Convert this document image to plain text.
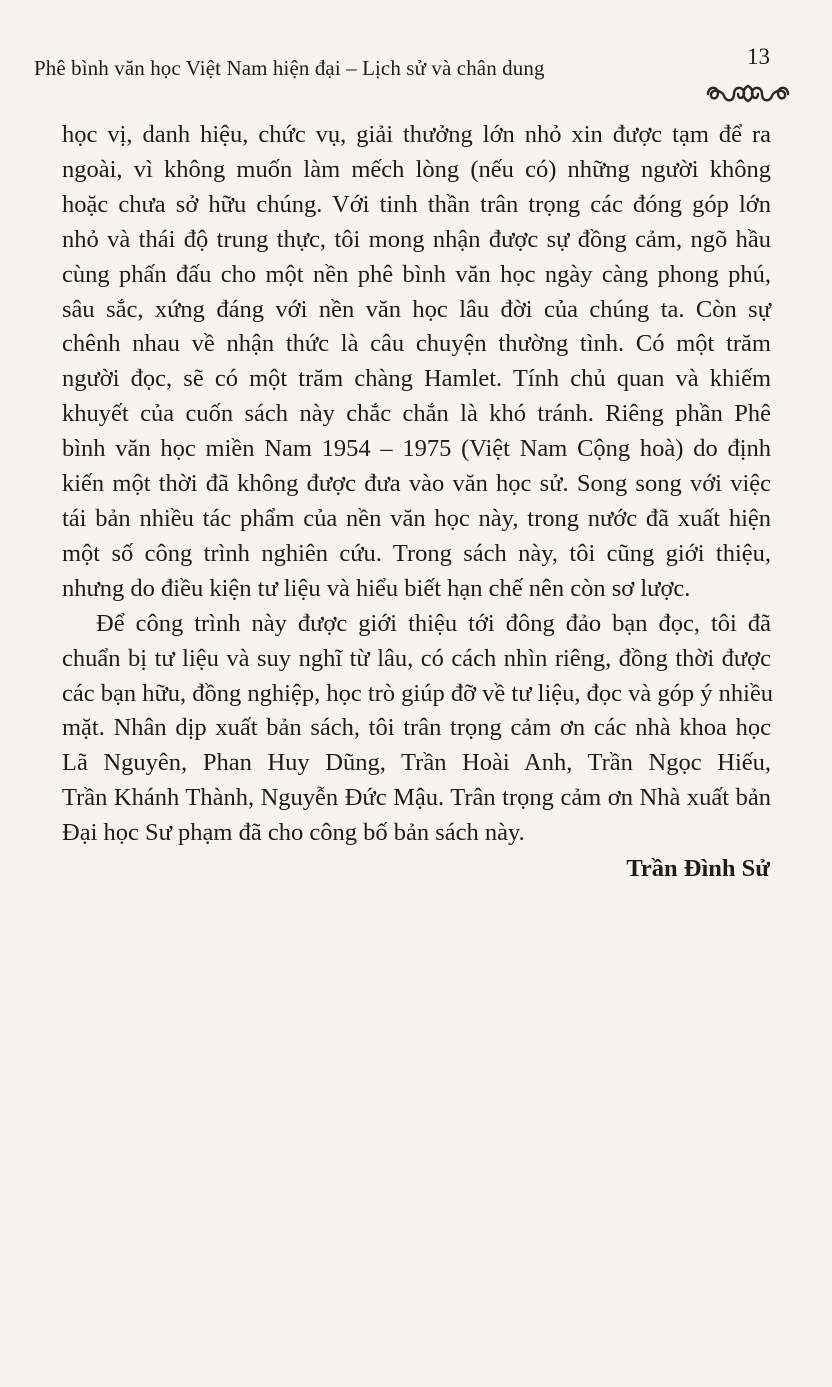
Phê bình văn học Việt Nam hiện đại – Lịch sử và chân dung	13
học vị, danh hiệu, chức vụ, giải thưởng lớn nhỏ xin được tạm để ra
ngoài, vì không muốn làm mếch lòng (nếu có) những người không
hoặc chưa sở hữu chúng. Với tinh thần trân trọng các đóng góp lớn
nhỏ và thái độ trung thực, tôi mong nhận được sự đồng cảm, ngõ hầu
cùng phấn đấu cho một nền phê bình văn học ngày càng phong phú,
sâu sắc, xứng đáng với nền văn học lâu đời của chúng ta. Còn sự
chênh nhau về nhận thức là câu chuyện thường tình. Có một trăm
người đọc, sẽ có một trăm chàng Hamlet. Tính chủ quan và khiếm
khuyết của cuốn sách này chắc chắn là khó tránh. Riêng phần Phê
bình văn học miền Nam 1954 – 1975 (Việt Nam Cộng hoà) do định
kiến một thời đã không được đưa vào văn học sử. Song song với việc
tái bản nhiều tác phẩm của nền văn học này, trong nước đã xuất hiện
một số công trình nghiên cứu. Trong sách này, tôi cũng giới thiệu,
nhưng do điều kiện tư liệu và hiểu biết hạn chế nên còn sơ lược.
Để công trình này được giới thiệu tới đông đảo bạn đọc, tôi đã
chuẩn bị tư liệu và suy nghĩ từ lâu, có cách nhìn riêng, đồng thời được
các bạn hữu, đồng nghiệp, học trò giúp đỡ về tư liệu, đọc và góp ý nhiều
mặt. Nhân dịp xuất bản sách, tôi trân trọng cảm ơn các nhà khoa học
Lã Nguyên, Phan Huy Dũng, Trần Hoài Anh, Trần Ngọc Hiếu,
Trần Khánh Thành, Nguyễn Đức Mậu. Trân trọng cảm ơn Nhà xuất bản
Đại học Sư phạm đã cho công bố bản sách này.
Trần Đình Sử
